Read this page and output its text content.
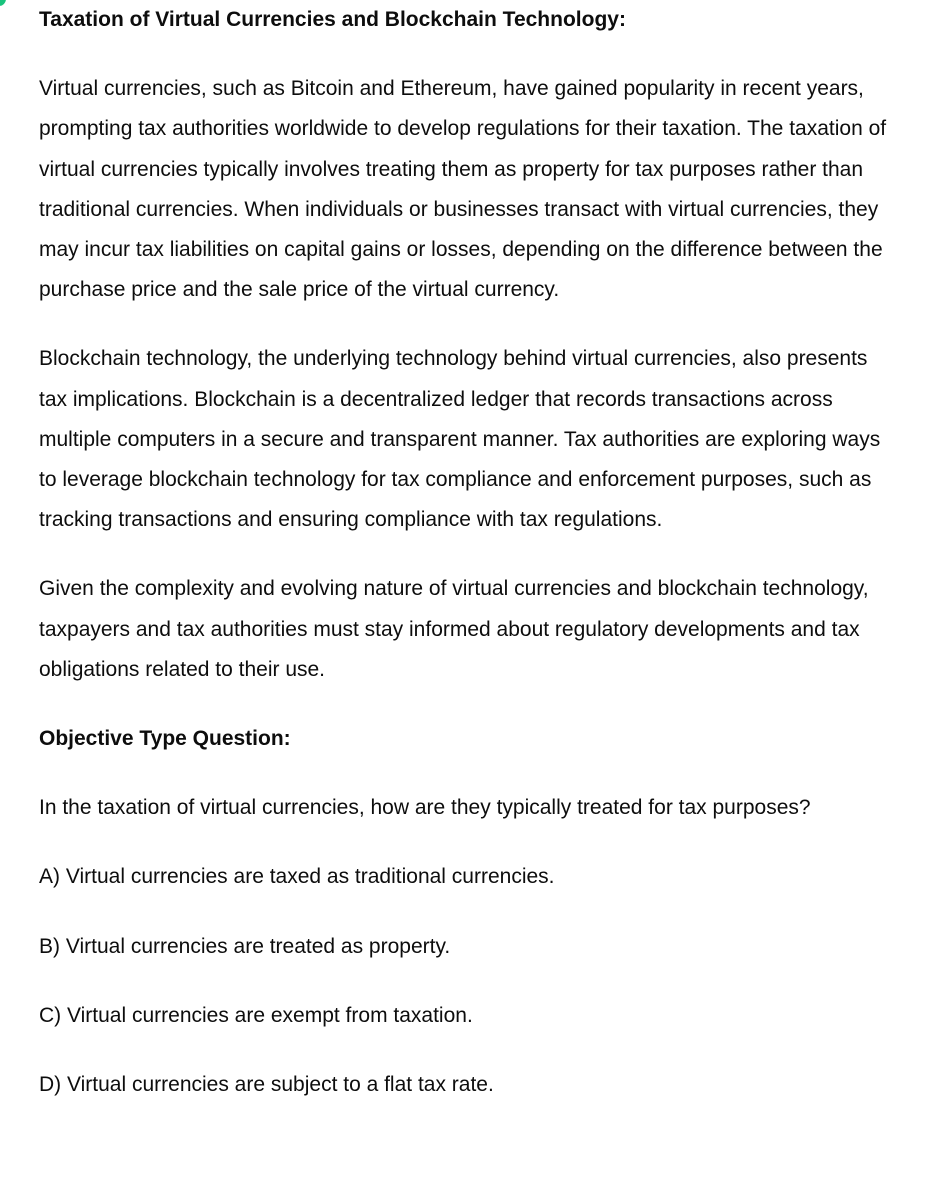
Taxation of Virtual Currencies and Blockchain Technology:

Virtual currencies, such as Bitcoin and Ethereum, have gained popularity in recent years, prompting tax authorities worldwide to develop regulations for their taxation. The taxation of virtual currencies typically involves treating them as property for tax purposes rather than traditional currencies. When individuals or businesses transact with virtual currencies, they may incur tax liabilities on capital gains or losses, depending on the difference between the purchase price and the sale price of the virtual currency.

Blockchain technology, the underlying technology behind virtual currencies, also presents tax implications. Blockchain is a decentralized ledger that records transactions across multiple computers in a secure and transparent manner. Tax authorities are exploring ways to leverage blockchain technology for tax compliance and enforcement purposes, such as tracking transactions and ensuring compliance with tax regulations.

Given the complexity and evolving nature of virtual currencies and blockchain technology, taxpayers and tax authorities must stay informed about regulatory developments and tax obligations related to their use.

Objective Type Question:

In the taxation of virtual currencies, how are they typically treated for tax purposes?

A) Virtual currencies are taxed as traditional currencies.

B) Virtual currencies are treated as property.

C) Virtual currencies are exempt from taxation.

D) Virtual currencies are subject to a flat tax rate.
